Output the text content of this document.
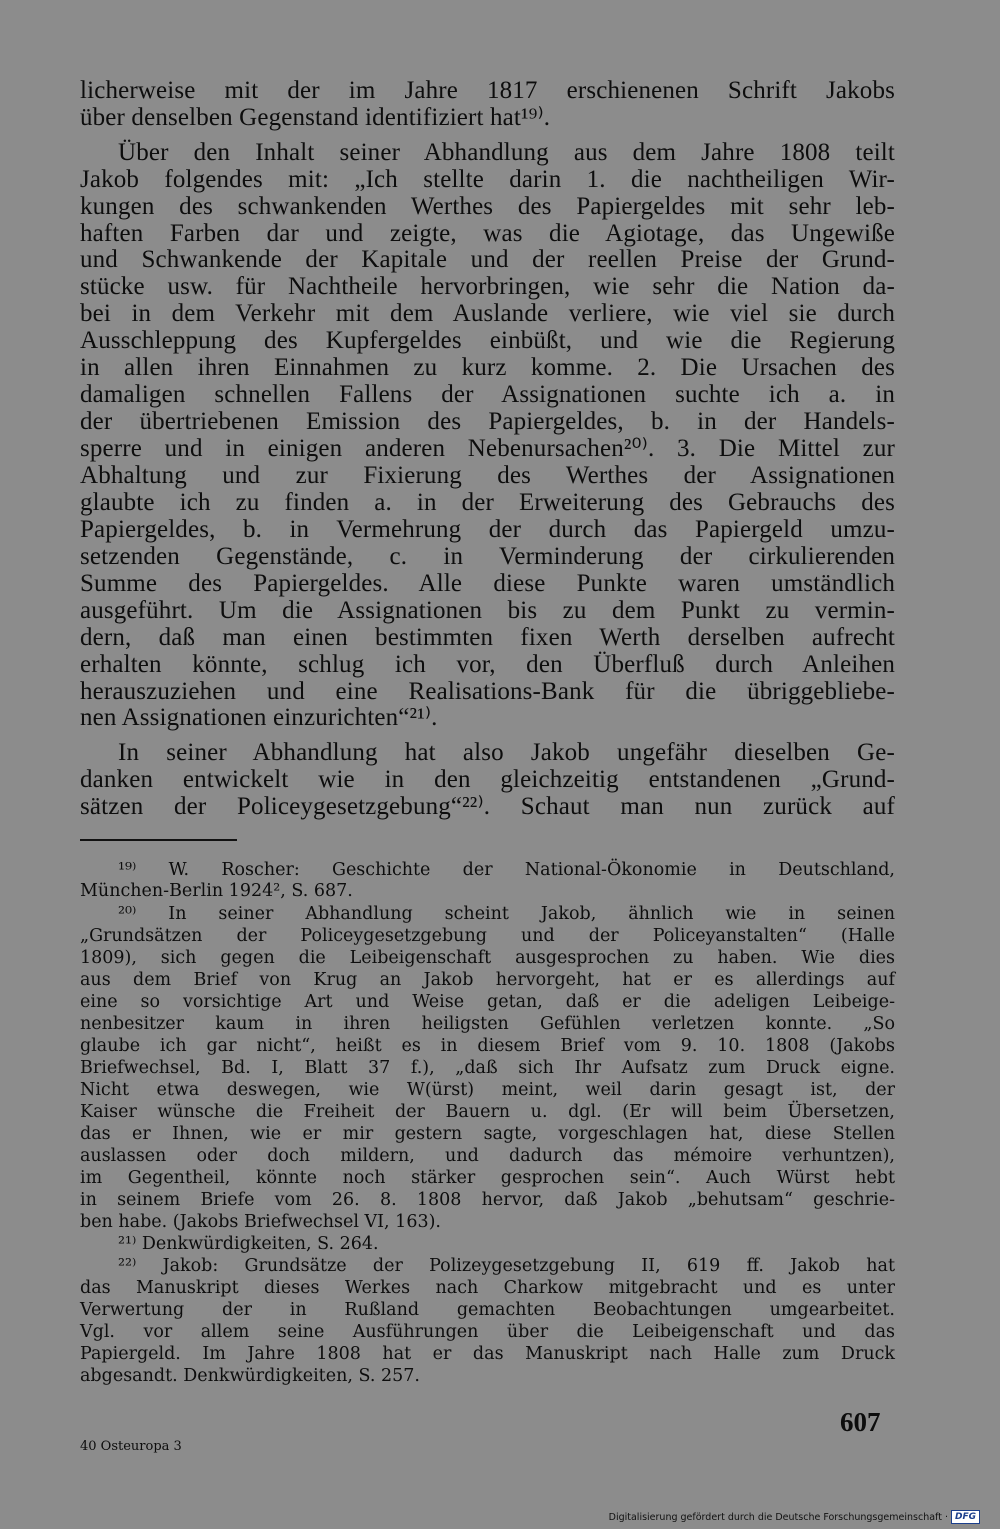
licherweise mit der im Jahre 1817 erschienenen Schrift Jakobs
über denselben Gegenstand identifiziert hat¹⁹⁾.
Über den Inhalt seiner Abhandlung aus dem Jahre 1808 teilt
Jakob folgendes mit: „Ich stellte darin 1. die nachtheiligen Wir-
kungen des schwankenden Werthes des Papiergeldes mit sehr leb-
haften Farben dar und zeigte, was die Agiotage, das Ungewiße
und Schwankende der Kapitale und der reellen Preise der Grund-
stücke usw. für Nachtheile hervorbringen, wie sehr die Nation da-
bei in dem Verkehr mit dem Auslande verliere, wie viel sie durch
Ausschleppung des Kupfergeldes einbüßt, und wie die Regierung
in allen ihren Einnahmen zu kurz komme. 2. Die Ursachen des
damaligen schnellen Fallens der Assignationen suchte ich a. in
der übertriebenen Emission des Papiergeldes, b. in der Handels-
sperre und in einigen anderen Nebenursachen²⁰⁾. 3. Die Mittel zur
Abhaltung und zur Fixierung des Werthes der Assignationen
glaubte ich zu finden a. in der Erweiterung des Gebrauchs des
Papiergeldes, b. in Vermehrung der durch das Papiergeld umzu-
setzenden Gegenstände, c. in Verminderung der cirkulierenden
Summe des Papiergeldes. Alle diese Punkte waren umständlich
ausgeführt. Um die Assignationen bis zu dem Punkt zu vermin-
dern, daß man einen bestimmten fixen Werth derselben aufrecht
erhalten könnte, schlug ich vor, den Überfluß durch Anleihen
herauszuziehen und eine Realisations-Bank für die übriggebliebe-
nen Assignationen einzurichten“²¹⁾.
In seiner Abhandlung hat also Jakob ungefähr dieselben Ge-
danken entwickelt wie in den gleichzeitig entstandenen „Grund-
sätzen der Policeygesetzgebung“²²⁾. Schaut man nun zurück auf
¹⁹⁾ W. Roscher: Geschichte der National-Ökonomie in Deutschland,
München-Berlin 1924², S. 687.
²⁰⁾ In seiner Abhandlung scheint Jakob, ähnlich wie in seinen
„Grundsätzen der Policeygesetzgebung und der Policeyanstalten“ (Halle
1809), sich gegen die Leibeigenschaft ausgesprochen zu haben. Wie dies
aus dem Brief von Krug an Jakob hervorgeht, hat er es allerdings auf
eine so vorsichtige Art und Weise getan, daß er die adeligen Leibeige-
nenbesitzer kaum in ihren heiligsten Gefühlen verletzen konnte. „So
glaube ich gar nicht“, heißt es in diesem Brief vom 9. 10. 1808 (Jakobs
Briefwechsel, Bd. I, Blatt 37 f.), „daß sich Ihr Aufsatz zum Druck eigne.
Nicht etwa deswegen, wie W(ürst) meint, weil darin gesagt ist, der
Kaiser wünsche die Freiheit der Bauern u. dgl. (Er will beim Übersetzen,
das er Ihnen, wie er mir gestern sagte, vorgeschlagen hat, diese Stellen
auslassen oder doch mildern, und dadurch das mémoire verhuntzen),
im Gegentheil, könnte noch stärker gesprochen sein“. Auch Würst hebt
in seinem Briefe vom 26. 8. 1808 hervor, daß Jakob „behutsam“ geschrie-
ben habe. (Jakobs Briefwechsel VI, 163).
²¹⁾ Denkwürdigkeiten, S. 264.
²²⁾ Jakob: Grundsätze der Polizeygesetzgebung II, 619 ff. Jakob hat
das Manuskript dieses Werkes nach Charkow mitgebracht und es unter
Verwertung der in Rußland gemachten Beobachtungen umgearbeitet.
Vgl. vor allem seine Ausführungen über die Leibeigenschaft und das
Papiergeld. Im Jahre 1808 hat er das Manuskript nach Halle zum Druck
abgesandt. Denkwürdigkeiten, S. 257.
607
40 Osteuropa 3
Digitalisierung gefördert durch die Deutsche Forschungsgemeinschaft · DFG
